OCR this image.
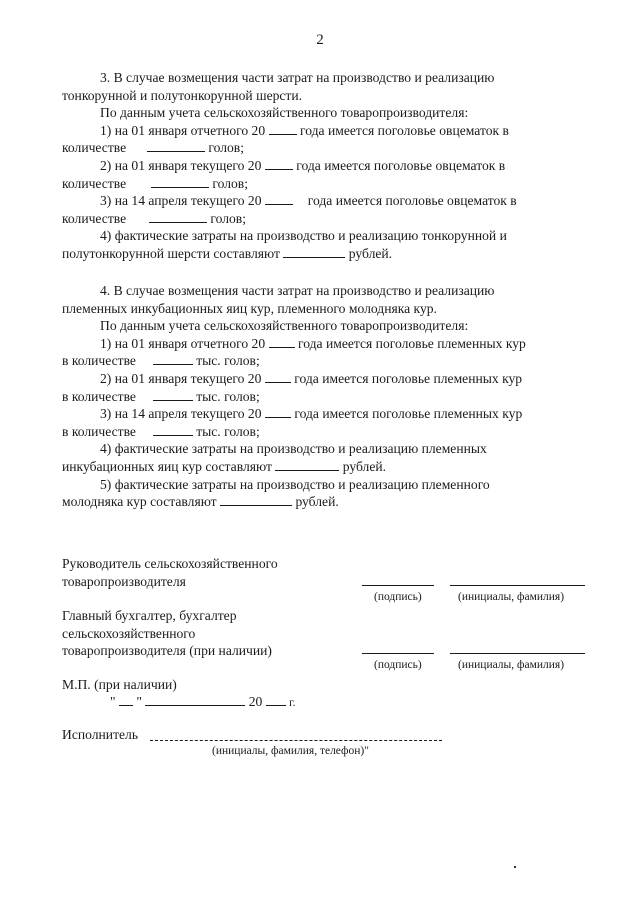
2
3. В случае возмещения части затрат на производство и реализацию
тонкорунной и полутонкорунной шерсти.
По данным учета сельскохозяйственного товаропроизводителя:
1) на 01 января отчетного 20	года имеется поголовье овцематок в
количестве	голов;
2) на 01 января текущего 20	года имеется поголовье овцематок в
количестве	голов;
3) на 14 апреля текущего 20	года имеется поголовье овцематок в
количестве	голов;
4) фактические затраты на производство и реализацию тонкорунной и
полутонкорунной шерсти составляют	рублей.
4. В случае возмещения части затрат на производство и реализацию
племенных инкубационных яиц кур, племенного молодняка кур.
По данным учета сельскохозяйственного товаропроизводителя:
1) на 01 января отчетного 20 года имеется поголовье племенных кур
в количестве	тыс. голов;
2) на 01 января текущего 20 года имеется поголовье племенных кур
в количестве	тыс. голов;
3) на 14 апреля текущего 20 года имеется поголовье племенных кур
в количестве	тыс. голов;
4) фактические затраты на производство и реализацию племенных
инкубационных яиц кур составляют	рублей.
5) фактические затраты на производство и реализацию племенного
молодняка кур составляют	рублей.
Руководитель сельскохозяйственного
товаропроизводителя
(подпись)	(инициалы, фамилия)
Главный бухгалтер, бухгалтер
сельскохозяйственного
товаропроизводителя (при наличии)
(подпись)	(инициалы, фамилия)
М.П. (при наличии)
" "	20 г.
Исполнитель
(инициалы, фамилия, телефон)"
